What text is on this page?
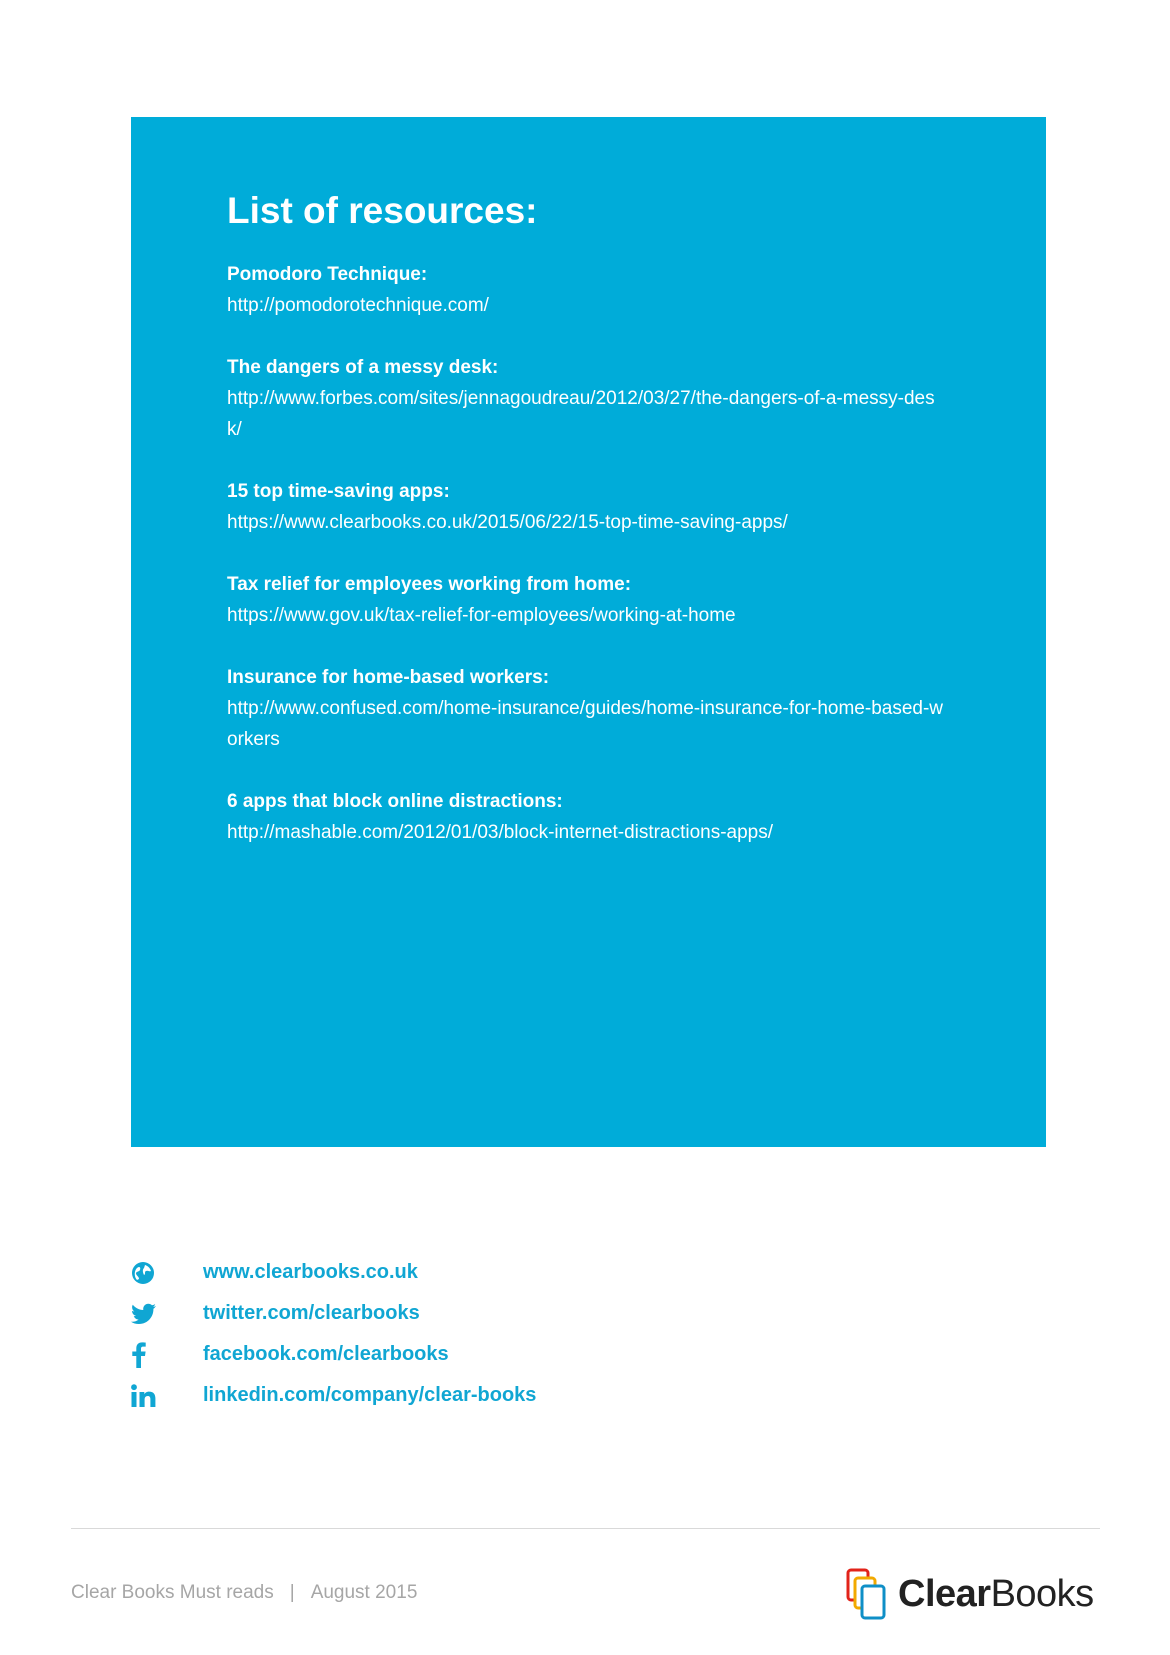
List of resources:
Pomodoro Technique:
http://pomodorotechnique.com/
The dangers of a messy desk:
http://www.forbes.com/sites/jennagoudreau/2012/03/27/the-dangers-of-a-messy-desk/
15 top time-saving apps:
https://www.clearbooks.co.uk/2015/06/22/15-top-time-saving-apps/
Tax relief for employees working from home:
https://www.gov.uk/tax-relief-for-employees/working-at-home
Insurance for home-based workers:
http://www.confused.com/home-insurance/guides/home-insurance-for-home-based-workers
6 apps that block online distractions:
http://mashable.com/2012/01/03/block-internet-distractions-apps/
www.clearbooks.co.uk
twitter.com/clearbooks
facebook.com/clearbooks
linkedin.com/company/clear-books
Clear Books Must reads | August 2015	ClearBooks
